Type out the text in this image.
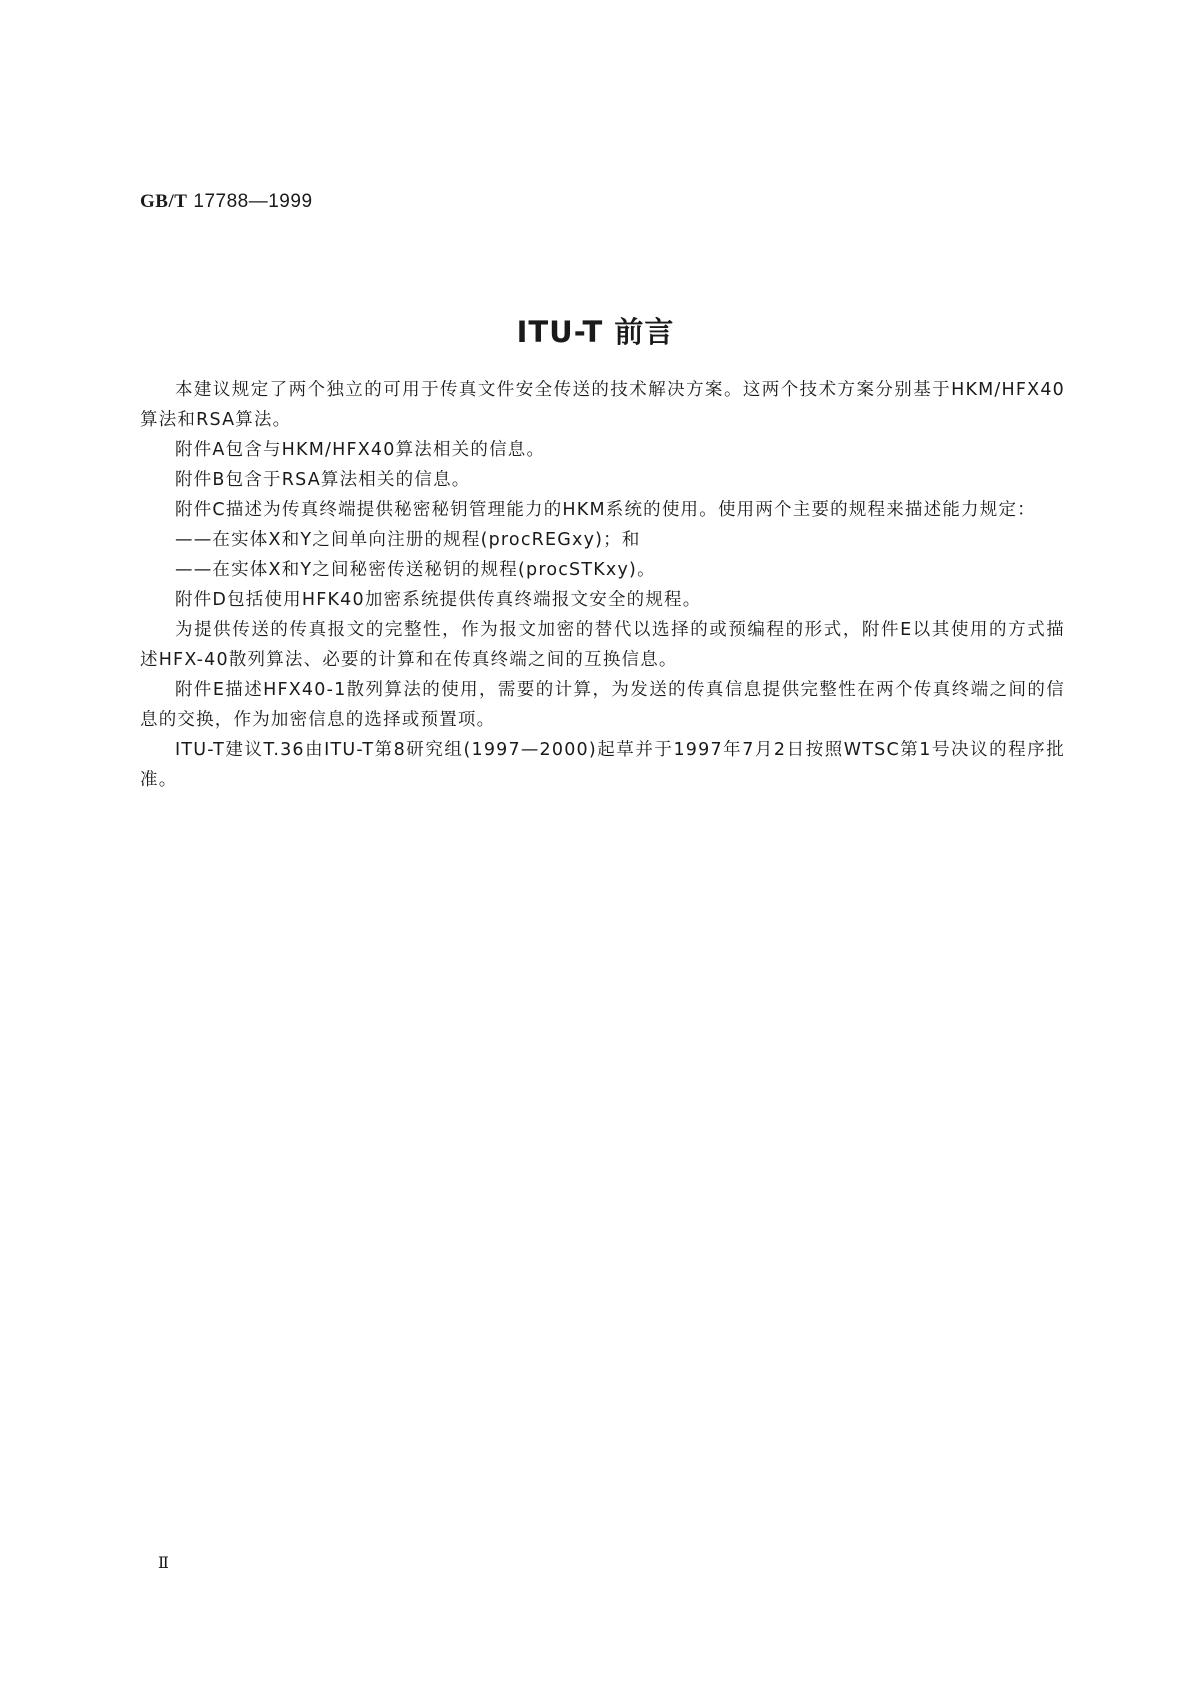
GB/T 17788—1999
ITU-T 前言

本建议规定了两个独立的可用于传真文件安全传送的技术解决方案。这两个技术方案分别基于HKM/HFX40算法和RSA算法。

附件A包含与HKM/HFX40算法相关的信息。

附件B包含于RSA算法相关的信息。

附件C描述为传真终端提供秘密秘钥管理能力的HKM系统的使用。使用两个主要的规程来描述能力规定：

——在实体X和Y之间单向注册的规程(procREGxy)；和

——在实体X和Y之间秘密传送秘钥的规程(procSTKxy)。

附件D包括使用HFK40加密系统提供传真终端报文安全的规程。

为提供传送的传真报文的完整性，作为报文加密的替代以选择的或预编程的形式，附件E以其使用的方式描述HFX-40散列算法、必要的计算和在传真终端之间的互换信息。

附件E描述HFX40-1散列算法的使用，需要的计算，为发送的传真信息提供完整性在两个传真终端之间的信息的交换，作为加密信息的选择或预置项。

ITU-T建议T.36由ITU-T第8研究组(1997—2000)起草并于1997年7月2日按照WTSC第1号决议的程序批准。

Ⅱ
